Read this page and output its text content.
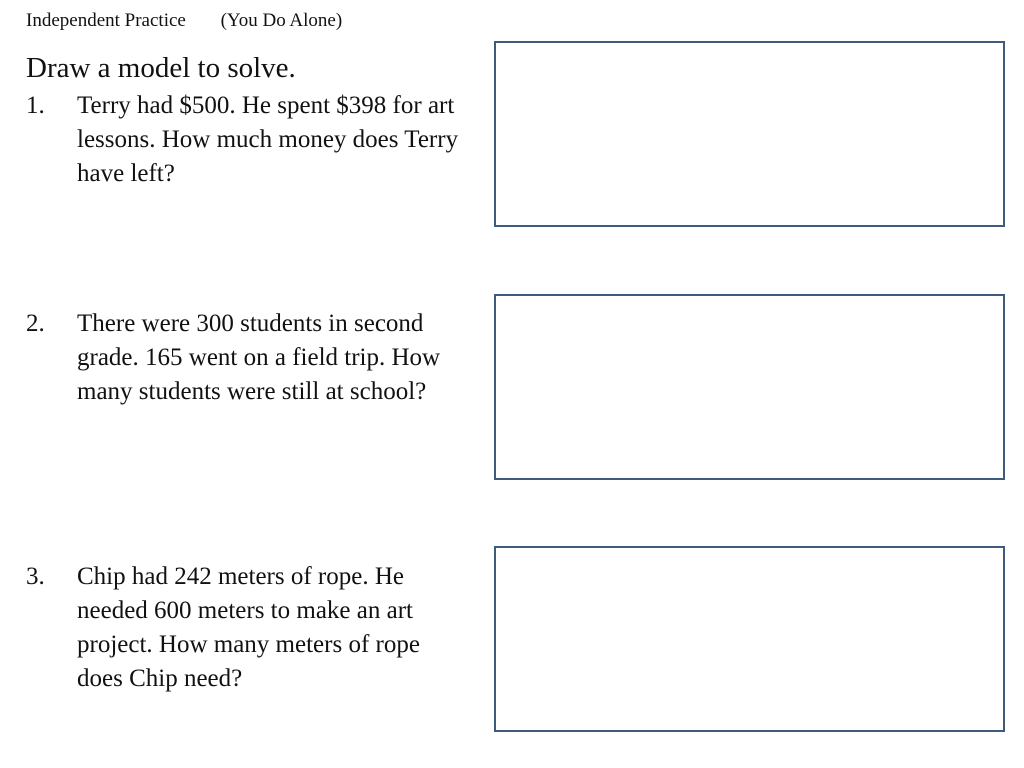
Independent Practice (You Do Alone)
Draw a model to solve.
1.	Terry had $500. He spent $398 for art lessons. How much money does Terry have left?
2.	There were 300 students in second grade. 165 went on a field trip. How many students were still at school?
3.	Chip had 242 meters of rope. He needed 600 meters to make an art project. How many meters of rope does Chip need?
